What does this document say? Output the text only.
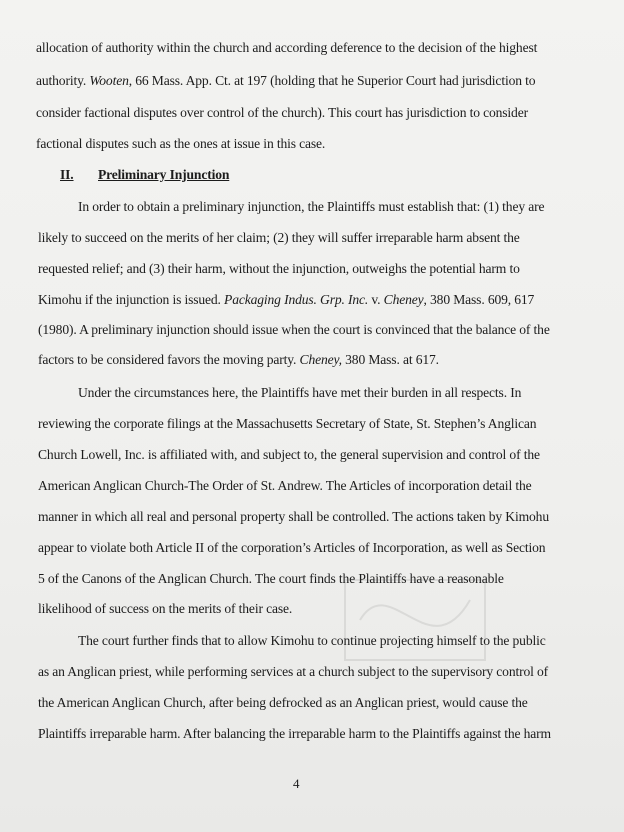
allocation of authority within the church and according deference to the decision of the highest
authority. Wooten, 66 Mass. App. Ct. at 197 (holding that he Superior Court had jurisdiction to
consider factional disputes over control of the church). This court has jurisdiction to consider
factional disputes such as the ones at issue in this case.
In order to obtain a preliminary injunction, the Plaintiffs must establish that: (1) they are
likely to succeed on the merits of her claim; (2) they will suffer irreparable harm absent the
requested relief; and (3) their harm, without the injunction, outweighs the potential harm to
Kimohu if the injunction is issued. Packaging Indus. Grp. Inc. v. Cheney, 380 Mass. 609, 617
(1980). A preliminary injunction should issue when the court is convinced that the balance of the
factors to be considered favors the moving party. Cheney, 380 Mass. at 617.
Under the circumstances here, the Plaintiffs have met their burden in all respects. In
reviewing the corporate filings at the Massachusetts Secretary of State, St. Stephen’s Anglican
Church Lowell, Inc. is affiliated with, and subject to, the general supervision and control of the
American Anglican Church-The Order of St. Andrew. The Articles of incorporation detail the
manner in which all real and personal property shall be controlled. The actions taken by Kimohu
appear to violate both Article II of the corporation’s Articles of Incorporation, as well as Section
5 of the Canons of the Anglican Church. The court finds the Plaintiffs have a reasonable
likelihood of success on the merits of their case.
The court further finds that to allow Kimohu to continue projecting himself to the public
as an Anglican priest, while performing services at a church subject to the supervisory control of
the American Anglican Church, after being defrocked as an Anglican priest, would cause the
Plaintiffs irreparable harm. After balancing the irreparable harm to the Plaintiffs against the harm
II. Preliminary Injunction
4
